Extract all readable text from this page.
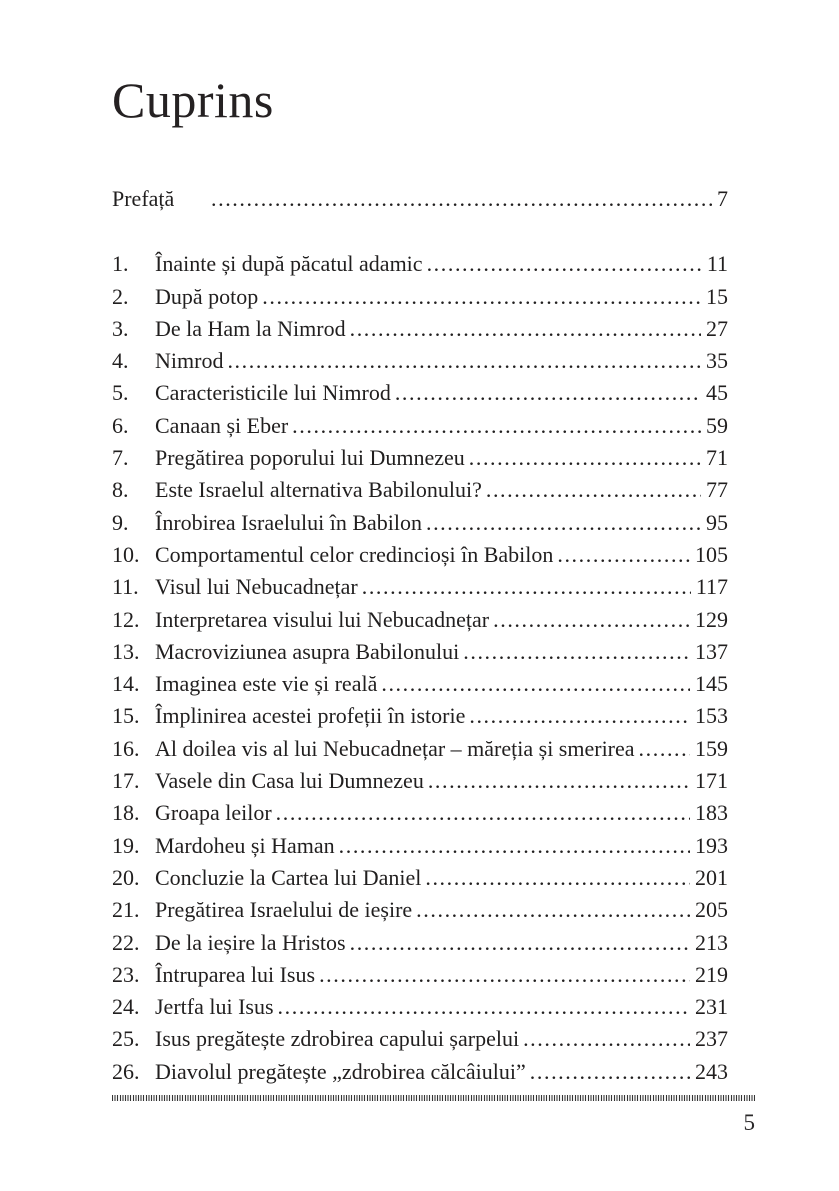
Cuprins
Prefață .....	7
1.	Înainte și după păcatul adamic .....	11
2.	După potop .....	15
3.	De la Ham la Nimrod .....	27
4.	Nimrod .....	35
5.	Caracteristicile lui Nimrod .....	45
6.	Canaan și Eber .....	59
7.	Pregătirea poporului lui Dumnezeu .....	71
8.	Este Israelul alternativa Babilonului? .....	77
9.	Înrobirea Israelului în Babilon .....	95
10. Comportamentul celor credincioși în Babilon .....	105
11. Visul lui Nebucadnețar .....	117
12. Interpretarea visului lui Nebucadnețar .....	129
13. Macroviziunea asupra Babilonului .....	137
14. Imaginea este vie și reală .....	145
15. Împlinirea acestei profeții în istorie .....	153
16. Al doilea vis al lui Nebucadnețar – măreția și smerirea .....	159
17. Vasele din Casa lui Dumnezeu .....	171
18. Groapa leilor .....	183
19. Mardoheu și Haman .....	193
20. Concluzie la Cartea lui Daniel .....	201
21. Pregătirea Israelului de ieșire .....	205
22. De la ieșire la Hristos .....	213
23. Întruparea lui Isus .....	219
24. Jertfa lui Isus .....	231
25. Isus pregătește zdrobirea capului șarpelui .....	237
26. Diavolul pregătește „zdrobirea călcâiului” .....	243
5
